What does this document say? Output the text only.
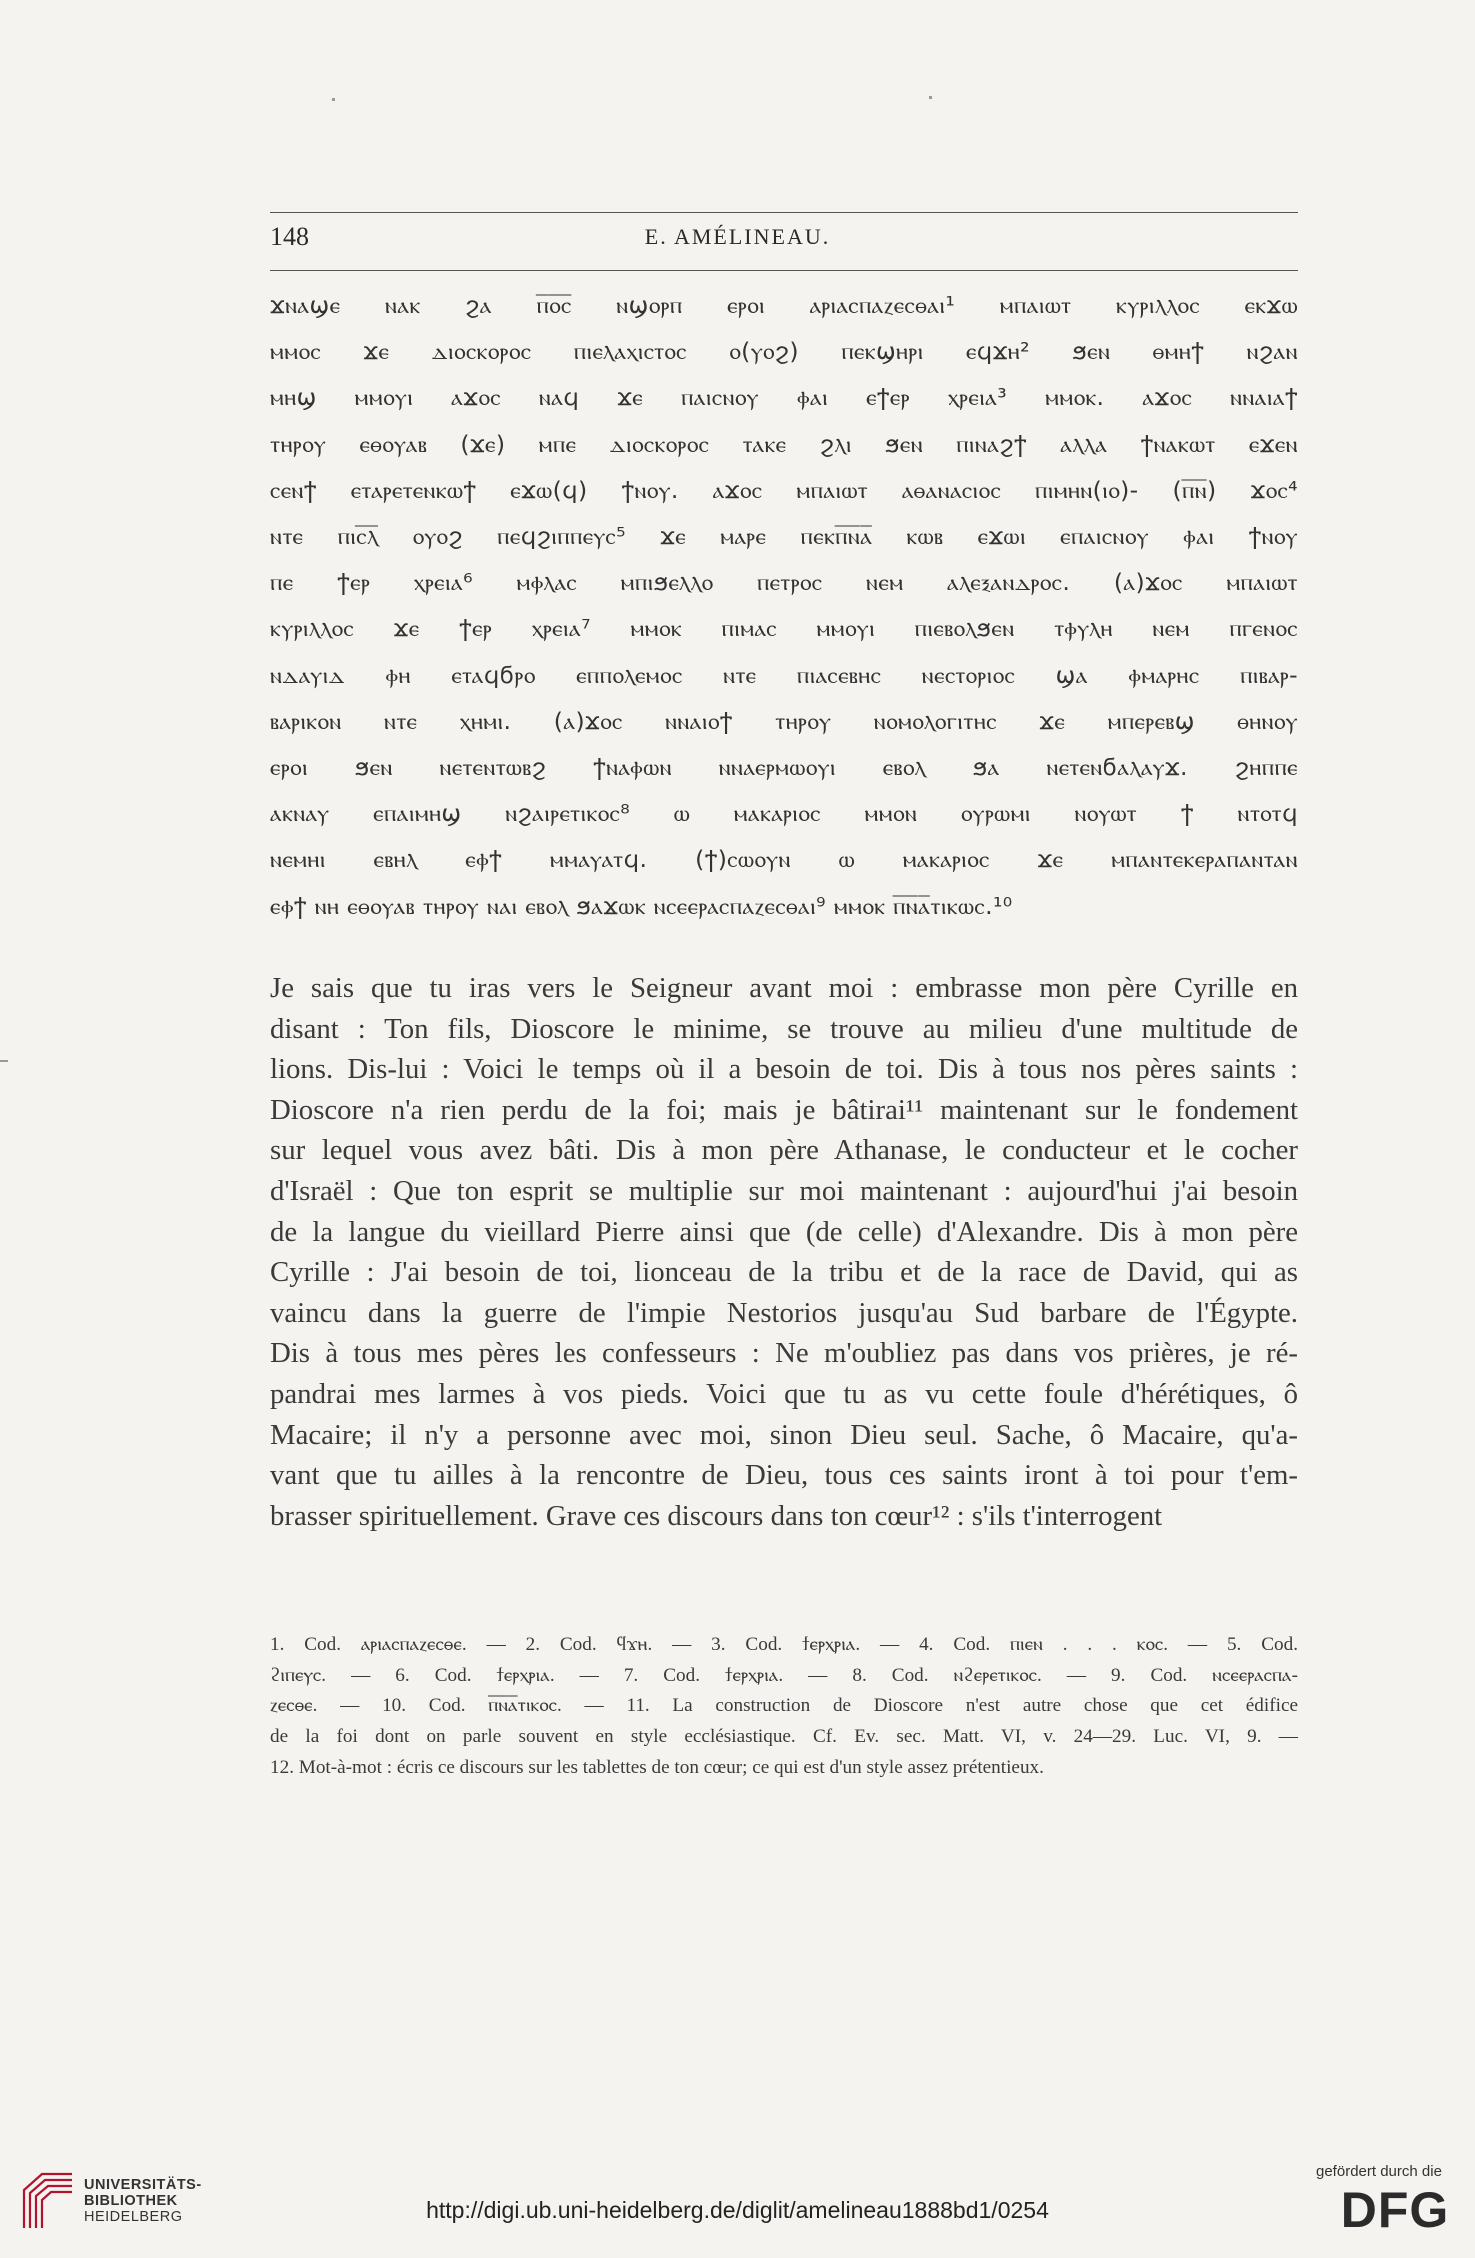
148	E. AMÉLINEAU.
ϫⲛⲁϣⲉ ⲛⲁⲕ ϩⲁ ⲡ̅ⲟ̅ⲥ̅ ⲛϣⲟⲣⲡ ⲉⲣⲟⲓ ⲁⲣⲓⲁⲥⲡⲁⲍⲉⲥⲑⲁⲓ¹ ⲙⲡⲁⲓⲱⲧ ⲕⲩⲣⲓⲗⲗⲟⲥ ⲉⲕϫⲱ
ⲙⲙⲟⲥ ϫⲉ ⲇⲓⲟⲥⲕⲟⲣⲟⲥ ⲡⲓⲉⲗⲁⲭⲓⲥⲧⲟⲥ ⲟ(ⲩⲟϩ) ⲡⲉⲕϣⲏⲣⲓ ⲉϥϫⲏ² ϧⲉⲛ ⲑⲙⲏϯ ⲛϩⲁⲛ
ⲙⲏϣ ⲙⲙⲟⲩⲓ ⲁϫⲟⲥ ⲛⲁϥ ϫⲉ ⲡⲁⲓⲥⲛⲟⲩ ⲫⲁⲓ ⲉϯⲉⲣ ⲭⲣⲉⲓⲁ³ ⲙⲙⲟⲕ. ⲁϫⲟⲥ ⲛⲛⲁⲓⲁϯ
ⲧⲏⲣⲟⲩ ⲉⲑⲟⲩⲁⲃ (ϫⲉ) ⲙⲡⲉ ⲇⲓⲟⲥⲕⲟⲣⲟⲥ ⲧⲁⲕⲉ ϩⲗⲓ ϧⲉⲛ ⲡⲓⲛⲁϩϯ ⲁⲗⲗⲁ ϯⲛⲁⲕⲱⲧ ⲉϫⲉⲛ
ⲥⲉⲛϯ ⲉⲧⲁⲣⲉⲧⲉⲛⲕⲱϯ ⲉϫⲱ(ϥ) ϯⲛⲟⲩ. ⲁϫⲟⲥ ⲙⲡⲁⲓⲱⲧ ⲁⲑⲁⲛⲁⲥⲓⲟⲥ ⲡⲓⲙⲏⲛ(ⲓⲟ)- (ⲡ̅ⲛ̅) ϫⲟⲥ⁴
ⲛⲧⲉ ⲡⲓⲥ̅ⲗ̅ ⲟⲩⲟϩ ⲡⲉϥϩⲓⲡⲡⲉⲩⲥ⁵ ϫⲉ ⲙⲁⲣⲉ ⲡⲉⲕⲡ̅ⲛ̅ⲁ̅ ⲕⲱⲃ ⲉϫⲱⲓ ⲉⲡⲁⲓⲥⲛⲟⲩ ⲫⲁⲓ ϯⲛⲟⲩ
ⲡⲉ ϯⲉⲣ ⲭⲣⲉⲓⲁ⁶ ⲙⲫⲗⲁⲥ ⲙⲡⲓϧⲉⲗⲗⲟ ⲡⲉⲧⲣⲟⲥ ⲛⲉⲙ ⲁⲗⲉⲝⲁⲛⲇⲣⲟⲥ. (ⲁ)ϫⲟⲥ ⲙⲡⲁⲓⲱⲧ
ⲕⲩⲣⲓⲗⲗⲟⲥ ϫⲉ ϯⲉⲣ ⲭⲣⲉⲓⲁ⁷ ⲙⲙⲟⲕ ⲡⲓⲙⲁⲥ ⲙⲙⲟⲩⲓ ⲡⲓⲉⲃⲟⲗϧⲉⲛ ⲧⲫⲩⲗⲏ ⲛⲉⲙ ⲡⲅⲉⲛⲟⲥ
ⲛⲇⲁⲩⲓⲇ ⲫⲏ ⲉⲧⲁϥϭⲣⲟ ⲉⲡⲡⲟⲗⲉⲙⲟⲥ ⲛⲧⲉ ⲡⲓⲁⲥⲉⲃⲏⲥ ⲛⲉⲥⲧⲟⲣⲓⲟⲥ ϣⲁ ⲫⲙⲁⲣⲏⲥ ⲡⲓⲃⲁⲣ-
ⲃⲁⲣⲓⲕⲟⲛ ⲛⲧⲉ ⲭⲏⲙⲓ. (ⲁ)ϫⲟⲥ ⲛⲛⲁⲓⲟϯ ⲧⲏⲣⲟⲩ ⲛⲟⲙⲟⲗⲟⲅⲓⲧⲏⲥ ϫⲉ ⲙⲡⲉⲣⲉⲃϣ ⲑⲏⲛⲟⲩ
ⲉⲣⲟⲓ ϧⲉⲛ ⲛⲉⲧⲉⲛⲧⲱⲃϩ ϯⲛⲁⲫⲱⲛ ⲛⲛⲁⲉⲣⲙⲱⲟⲩⲓ ⲉⲃⲟⲗ ϧⲁ ⲛⲉⲧⲉⲛϭⲁⲗⲁⲩϫ. ϩⲏⲡⲡⲉ
ⲁⲕⲛⲁⲩ ⲉⲡⲁⲓⲙⲏϣ ⲛϩⲁⲓⲣⲉⲧⲓⲕⲟⲥ⁸ ⲱ ⲙⲁⲕⲁⲣⲓⲟⲥ ⲙⲙⲟⲛ ⲟⲩⲣⲱⲙⲓ ⲛⲟⲩⲱⲧ ϯ ⲛⲧⲟⲧϥ
ⲛⲉⲙⲏⲓ ⲉⲃⲏⲗ ⲉⲫϯ ⲙⲙⲁⲩⲁⲧϥ. (ϯ)ⲥⲱⲟⲩⲛ ⲱ ⲙⲁⲕⲁⲣⲓⲟⲥ ϫⲉ ⲙⲡⲁⲛⲧⲉⲕⲉⲣⲁⲡⲁⲛⲧⲁⲛ
ⲉⲫϯ ⲛⲏ ⲉⲑⲟⲩⲁⲃ ⲧⲏⲣⲟⲩ ⲛⲁⲓ ⲉⲃⲟⲗ ϧⲁϫⲱⲕ ⲛⲥⲉⲉⲣⲁⲥⲡⲁⲍⲉⲥⲑⲁⲓ⁹ ⲙⲙⲟⲕ ⲡ̅ⲛ̅ⲁ̅ⲧⲓⲕⲱⲥ.¹⁰
Je sais que tu iras vers le Seigneur avant moi : embrasse mon père Cyrille en
disant : Ton fils, Dioscore le minime, se trouve au milieu d'une multitude de
lions. Dis-lui : Voici le temps où il a besoin de toi. Dis à tous nos pères saints :
Dioscore n'a rien perdu de la foi; mais je bâtirai¹¹ maintenant sur le fondement
sur lequel vous avez bâti. Dis à mon père Athanase, le conducteur et le cocher
d'Israël : Que ton esprit se multiplie sur moi maintenant : aujourd'hui j'ai besoin
de la langue du vieillard Pierre ainsi que (de celle) d'Alexandre. Dis à mon père
Cyrille : J'ai besoin de toi, lionceau de la tribu et de la race de David, qui as
vaincu dans la guerre de l'impie Nestorios jusqu'au Sud barbare de l'Égypte.
Dis à tous mes pères les confesseurs : Ne m'oubliez pas dans vos prières, je ré-
pandrai mes larmes à vos pieds. Voici que tu as vu cette foule d'hérétiques, ô
Macaire; il n'y a personne avec moi, sinon Dieu seul. Sache, ô Macaire, qu'a-
vant que tu ailles à la rencontre de Dieu, tous ces saints iront à toi pour t'em-
brasser spirituellement. Grave ces discours dans ton cœur¹² : s'ils t'interrogent
1. Cod. ⲁⲣⲓⲁⲥⲡⲁⲍⲉⲥⲑⲉ. — 2. Cod. ϥϫⲏ. — 3. Cod. ϯⲉⲣⲭⲣⲓⲁ. — 4. Cod. ⲡⲓⲉⲛ . . . ⲕⲟⲥ. — 5. Cod.
ϩⲓⲡⲉⲩⲥ. — 6. Cod. ϯⲉⲣⲭⲣⲓⲁ. — 7. Cod. ϯⲉⲣⲭⲣⲓⲁ. — 8. Cod. ⲛϩⲉⲣⲉⲧⲓⲕⲟⲥ. — 9. Cod. ⲛⲥⲉⲉⲣⲁⲥⲡⲁ-
ⲍⲉⲥⲑⲉ. — 10. Cod. ⲡ̅ⲛ̅ⲁ̅ⲧⲓⲕⲟⲥ. — 11. La construction de Dioscore n'est autre chose que cet édifice
de la foi dont on parle souvent en style ecclésiastique. Cf. Ev. sec. Matt. VI, v. 24—29. Luc. VI, 9. —
12. Mot-à-mot : écris ce discours sur les tablettes de ton cœur; ce qui est d'un style assez prétentieux.
UNIVERSITÄTS-
BIBLIOTHEK
HEIDELBERG	http://digi.ub.uni-heidelberg.de/diglit/amelineau1888bd1/0254
gefördert durch die
DFG
